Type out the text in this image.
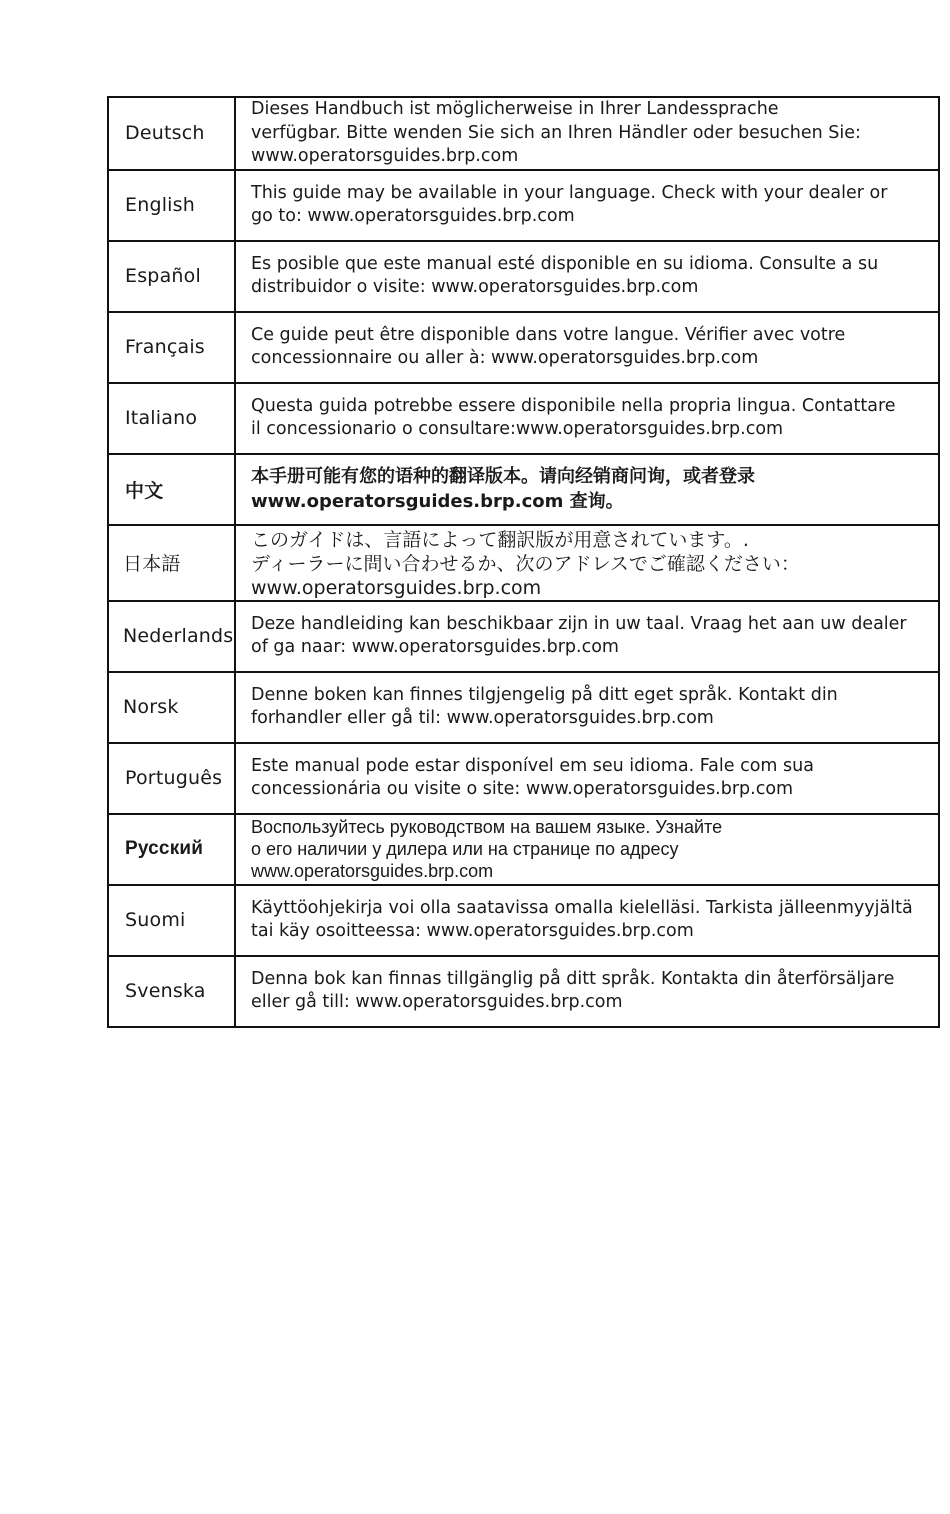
Deutsch	Dieses Handbuch ist möglicherweise in Ihrer Landessprache
verfügbar. Bitte wenden Sie sich an Ihren Händler oder besuchen Sie:
www.operatorsguides.brp.com
English	This guide may be available in your language. Check with your dealer or
go to: www.operatorsguides.brp.com
Español	Es posible que este manual esté disponible en su idioma. Consulte a su
distribuidor o visite: www.operatorsguides.brp.com
Français	Ce guide peut être disponible dans votre langue. Vérifier avec votre
concessionnaire ou aller à: www.operatorsguides.brp.com
Italiano	Questa guida potrebbe essere disponibile nella propria lingua. Contattare
il concessionario o consultare:www.operatorsguides.brp.com
中文	本手册可能有您的语种的翻译版本。请向经销商问询，或者登录
www.operatorsguides.brp.com 查询。
日本語	このガイドは、言語によって翻訳版が用意されています。.
ディーラーに問い合わせるか、次のアドレスでご確認ください：
www.operatorsguides.brp.com
Nederlands	Deze handleiding kan beschikbaar zijn in uw taal. Vraag het aan uw dealer
of ga naar: www.operatorsguides.brp.com
Norsk	Denne boken kan finnes tilgjengelig på ditt eget språk. Kontakt din
forhandler eller gå til: www.operatorsguides.brp.com
Português	Este manual pode estar disponível em seu idioma. Fale com sua
concessionária ou visite o site: www.operatorsguides.brp.com
Русский	Воспользуйтесь руководством на вашем языке. Узнайте
о его наличии у дилера или на странице по адресу
www.operatorsguides.brp.com
Suomi	Käyttöohjekirja voi olla saatavissa omalla kielelläsi. Tarkista jälleenmyyjältä
tai käy osoitteessa: www.operatorsguides.brp.com
Svenska	Denna bok kan finnas tillgänglig på ditt språk. Kontakta din återförsäljare
eller gå till: www.operatorsguides.brp.com
